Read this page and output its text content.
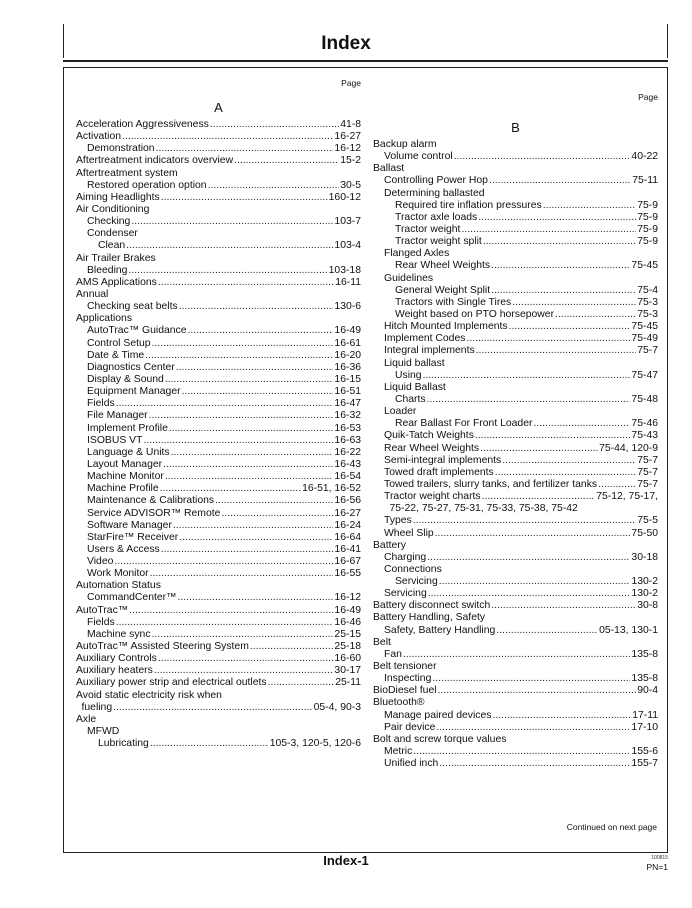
Index
Page
A
Acceleration Aggressiveness .....	41-8
Activation .....	16-27
Demonstration .....	16-12
Aftertreatment indicators overview .....	15-2
Aftertreatment system
Restored operation option .....	30-5
Aiming Headlights .....	160-12
Air Conditioning
Checking .....	103-7
Condenser
Clean .....	103-4
Air Trailer Brakes
Bleeding .....	103-18
AMS Applications .....	16-11
Annual
Checking seat belts .....	130-6
Applications
AutoTrac™ Guidance .....	16-49
Control Setup .....	16-61
Date & Time .....	16-20
Diagnostics Center .....	16-36
Display & Sound .....	16-15
Equipment Manager .....	16-51
Fields .....	16-47
File Manager .....	16-32
Implement Profile .....	16-53
ISOBUS VT .....	16-63
Language & Units .....	16-22
Layout Manager .....	16-43
Machine Monitor .....	16-54
Machine Profile .....	16-51, 16-52
Maintenance & Calibrations .....	16-56
Service ADVISOR™ Remote .....	16-27
Software Manager .....	16-24
StarFire™ Receiver .....	16-64
Users & Access .....	16-41
Video .....	16-67
Work Monitor .....	16-55
Automation Status
CommandCenter™ .....	16-12
AutoTrac™ .....	16-49
Fields .....	16-46
Machine sync .....	25-15
AutoTrac™ Assisted Steering System .....	25-18
Auxiliary Controls .....	16-60
Auxiliary heaters .....	30-17
Auxiliary power strip and electrical outlets .....	25-11
Avoid static electricity risk when
fueling .....	05-4, 90-3
Axle
MFWD
Lubricating .....	105-3, 120-5, 120-6
Page
B
Backup alarm
Volume control .....	40-22
Ballast
Controlling Power Hop .....	75-11
Determining ballasted
Required tire inflation pressures .....	75-9
Tractor axle loads .....	75-9
Tractor weight .....	75-9
Tractor weight split .....	75-9
Flanged Axles
Rear Wheel Weights .....	75-45
Guidelines
General Weight Split .....	75-4
Tractors with Single Tires .....	75-3
Weight based on PTO horsepower .....	75-3
Hitch Mounted Implements .....	75-45
Implement Codes .....	75-49
Integral implements .....	75-7
Liquid ballast
Using .....	75-47
Liquid Ballast
Charts .....	75-48
Loader
Rear Ballast For Front Loader .....	75-46
Quik-Tatch Weights .....	75-43
Rear Wheel Weights .....	75-44, 120-9
Semi-integral implements .....	75-7
Towed draft implements .....	75-7
Towed trailers, slurry tanks, and fertilizer tanks .....	75-7
Tractor weight charts .....	75-12, 75-17,
75-22, 75-27, 75-31, 75-33, 75-38, 75-42
Types .....	75-5
Wheel Slip .....	75-50
Battery
Charging .....	30-18
Connections
Servicing .....	130-2
Servicing .....	130-2
Battery disconnect switch .....	30-8
Battery Handling, Safety
Safety, Battery Handling .....	05-13, 130-1
Belt
Fan .....	135-8
Belt tensioner
Inspecting .....	135-8
BioDiesel fuel .....	90-4
Bluetooth®
Manage paired devices .....	17-11
Pair device .....	17-10
Bolt and screw torque values
Metric .....	155-6
Unified inch .....	155-7
Continued on next page
Index-1	100815
PN=1
